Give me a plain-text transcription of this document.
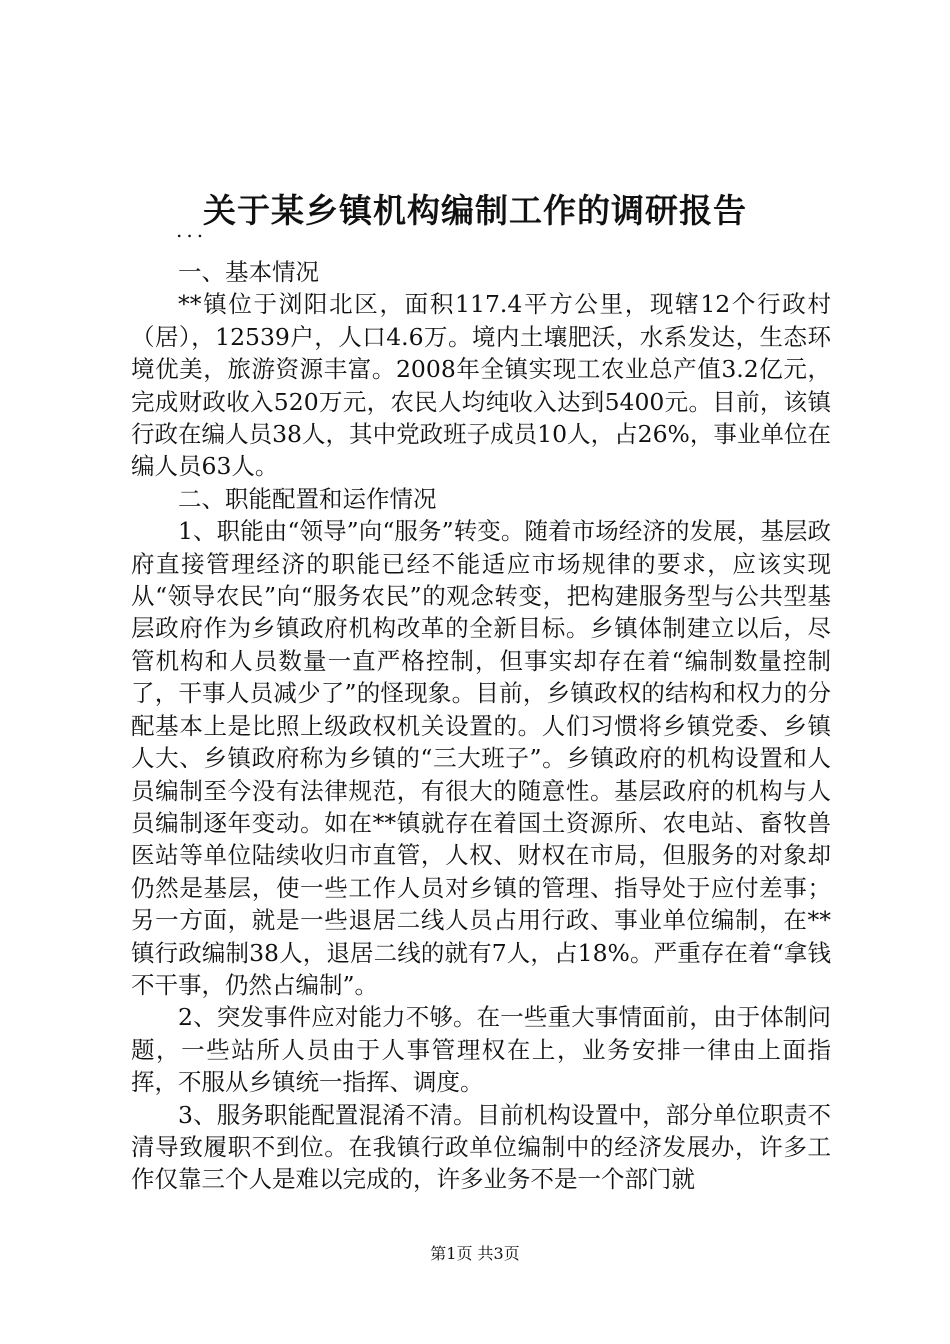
关于某乡镇机构编制工作的调研报告
...

一、基本情况

**镇位于浏阳北区，面积117.4平方公里，现辖12个行政村（居），12539户，人口4.6万。境内土壤肥沃，水系发达，生态环境优美，旅游资源丰富。2008年全镇实现工农业总产值3.2亿元，完成财政收入520万元，农民人均纯收入达到5400元。目前，该镇行政在编人员38人，其中党政班子成员10人，占26%，事业单位在编人员63人。

二、职能配置和运作情况

1、职能由“领导”向“服务”转变。随着市场经济的发展，基层政府直接管理经济的职能已经不能适应市场规律的要求，应该实现从“领导农民”向“服务农民”的观念转变，把构建服务型与公共型基层政府作为乡镇政府机构改革的全新目标。乡镇体制建立以后，尽管机构和人员数量一直严格控制，但事实却存在着“编制数量控制了，干事人员减少了”的怪现象。目前，乡镇政权的结构和权力的分配基本上是比照上级政权机关设置的。人们习惯将乡镇党委、乡镇人大、乡镇政府称为乡镇的“三大班子”。乡镇政府的机构设置和人员编制至今没有法律规范，有很大的随意性。基层政府的机构与人员编制逐年变动。如在**镇就存在着国土资源所、农电站、畜牧兽医站等单位陆续收归市直管，人权、财权在市局，但服务的对象却仍然是基层，使一些工作人员对乡镇的管理、指导处于应付差事；另一方面，就是一些退居二线人员占用行政、事业单位编制，在**镇行政编制38人，退居二线的就有7人，占18%。严重存在着“拿钱不干事，仍然占编制”。

2、突发事件应对能力不够。在一些重大事情面前，由于体制问题，一些站所人员由于人事管理权在上，业务安排一律由上面指挥，不服从乡镇统一指挥、调度。

3、服务职能配置混淆不清。目前机构设置中，部分单位职责不清导致履职不到位。在我镇行政单位编制中的经济发展办，许多工作仅靠三个人是难以完成的，许多业务不是一个部门就

第1页 共3页
